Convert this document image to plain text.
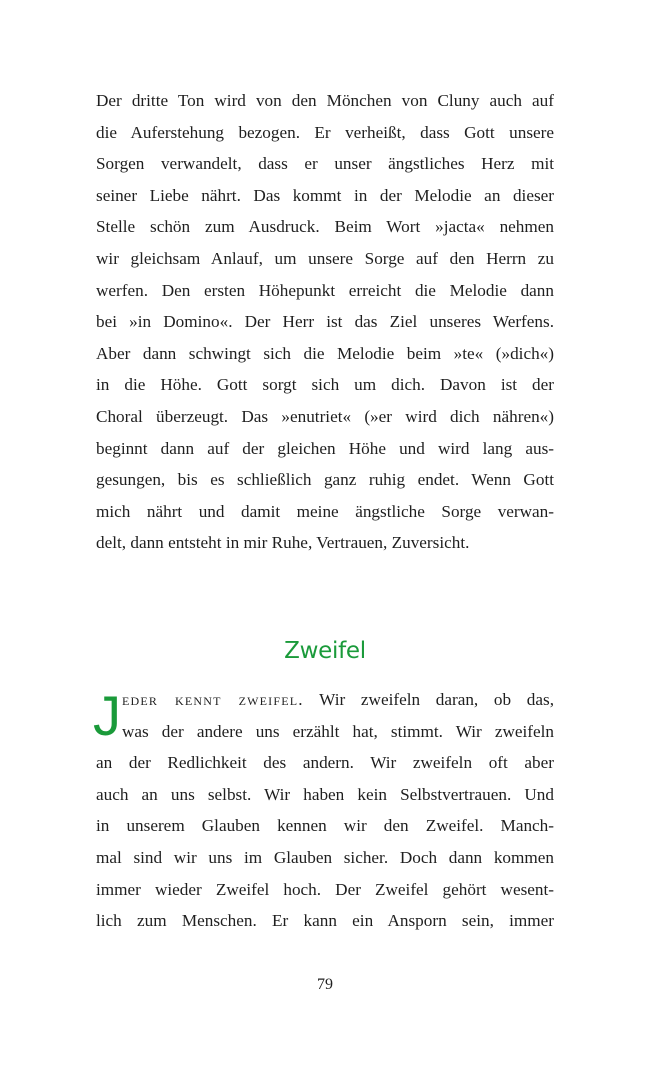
Der dritte Ton wird von den Mönchen von Cluny auch auf
die Auferstehung bezogen. Er verheißt, dass Gott unsere
Sorgen verwandelt, dass er unser ängstliches Herz mit
seiner Liebe nährt. Das kommt in der Melodie an dieser
Stelle schön zum Ausdruck. Beim Wort »jacta« nehmen
wir gleichsam Anlauf, um unsere Sorge auf den Herrn zu
werfen. Den ersten Höhepunkt erreicht die Melodie dann
bei »in Domino«. Der Herr ist das Ziel unseres Werfens.
Aber dann schwingt sich die Melodie beim »te« (»dich«)
in die Höhe. Gott sorgt sich um dich. Davon ist der
Choral überzeugt. Das »enutriet« (»er wird dich nähren«)
beginnt dann auf der gleichen Höhe und wird lang aus-
gesungen, bis es schließlich ganz ruhig endet. Wenn Gott
mich nährt und damit meine ängstliche Sorge verwan-
delt, dann entsteht in mir Ruhe, Vertrauen, Zuversicht.
Zweifel
J eder kennt zweifel. Wir zweifeln daran, ob das,
was der andere uns erzählt hat, stimmt. Wir zweifeln
an der Redlichkeit des andern. Wir zweifeln oft aber
auch an uns selbst. Wir haben kein Selbstvertrauen. Und
in unserem Glauben kennen wir den Zweifel. Manch-
mal sind wir uns im Glauben sicher. Doch dann kommen
immer wieder Zweifel hoch. Der Zweifel gehört wesent-
lich zum Menschen. Er kann ein Ansporn sein, immer
79
